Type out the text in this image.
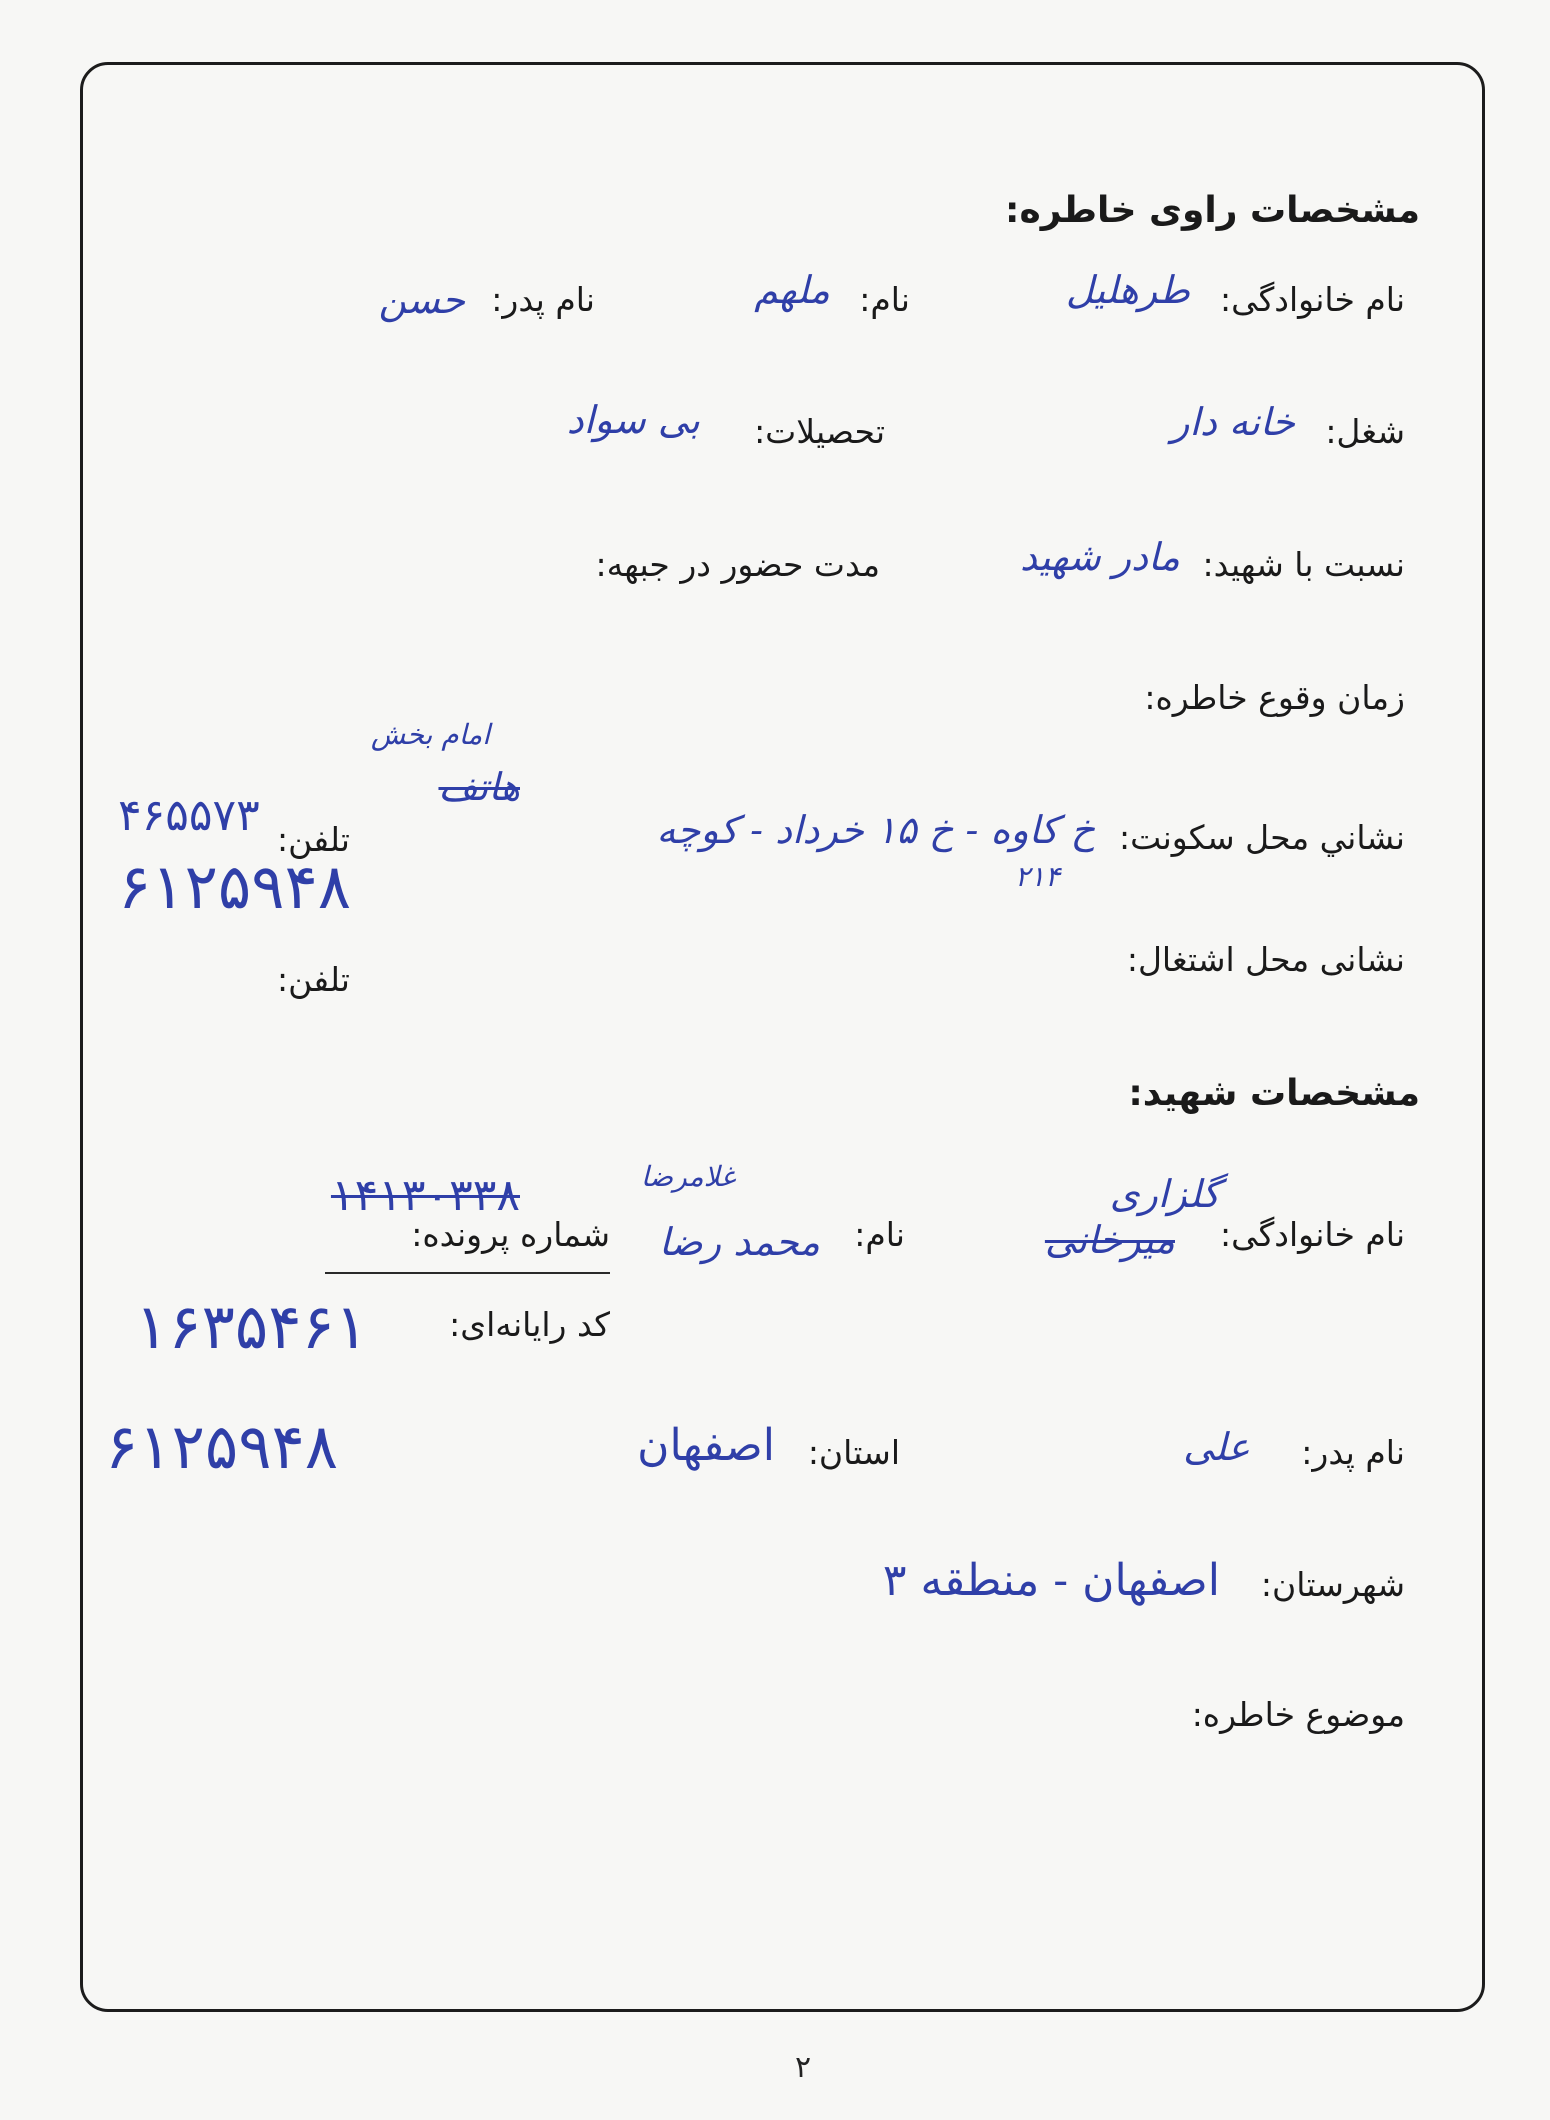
مشخصات راوی خاطره:
نام خانوادگی:
طرهلیل
نام:
ملهم
نام پدر:
حسن
شغل:
خانه دار
تحصیلات:
بی سواد
نسبت با شهید:
مادر شهید
مدت حضور در جبهه:
زمان وقوع خاطره:
امام بخش
هاتف
نشاني محل سکونت:
خ کاوه - خ ۱۵ خرداد - کوچه
۲۱۴
تلفن:
۴۶۵۵۷۳
۶۱۲۵۹۴۸
نشانی محل اشتغال:
تلفن:
مشخصات شهید:
غلامرضا	گلزاری
نام خانوادگی:
میرخانی
نام:
محمد رضا
شماره پرونده:
۱۴۱۳۰۳۳۸
کد رایانه‌ای:
۱۶۳۵۴۶۱
نام پدر:
علی
استان:
اصفهان
۶۱۲۵۹۴۸
شهرستان:
اصفهان - منطقه ۳
موضوع خاطره:
۲
